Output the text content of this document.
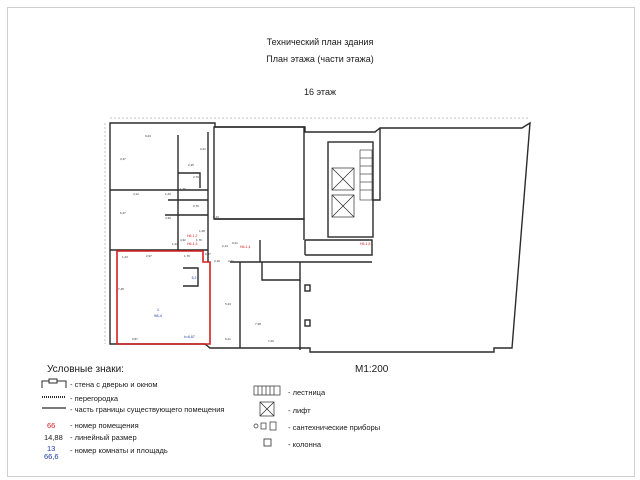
Технический план здания
План этажа (части этажа)
16 этаж
1
98,4
5,2
h=6,87
Н6-1,2
Н6-1,3
Н6-1,4
Н6-1,5
9,23
3,37
2,35
2,76
4,12	1,20
1,76
3,21
0,76
6,47
4,30
1,21
4,32	1,76
1,23	2,97
7,45
0,87
1,79
5,43
7,38
6,21
0,21
7,29
5,43
3,19
0,87
2,14
0,21
1,08
Условные знаки:	М1:200
66
14,88
13
66,6
- стена с дверью и окном
- перегородка
- часть границы существующего помещения
- номер помещения
- линейный размер
- номер комнаты и площадь
- лестница
- лифт
- сантехнические приборы
- колонна
